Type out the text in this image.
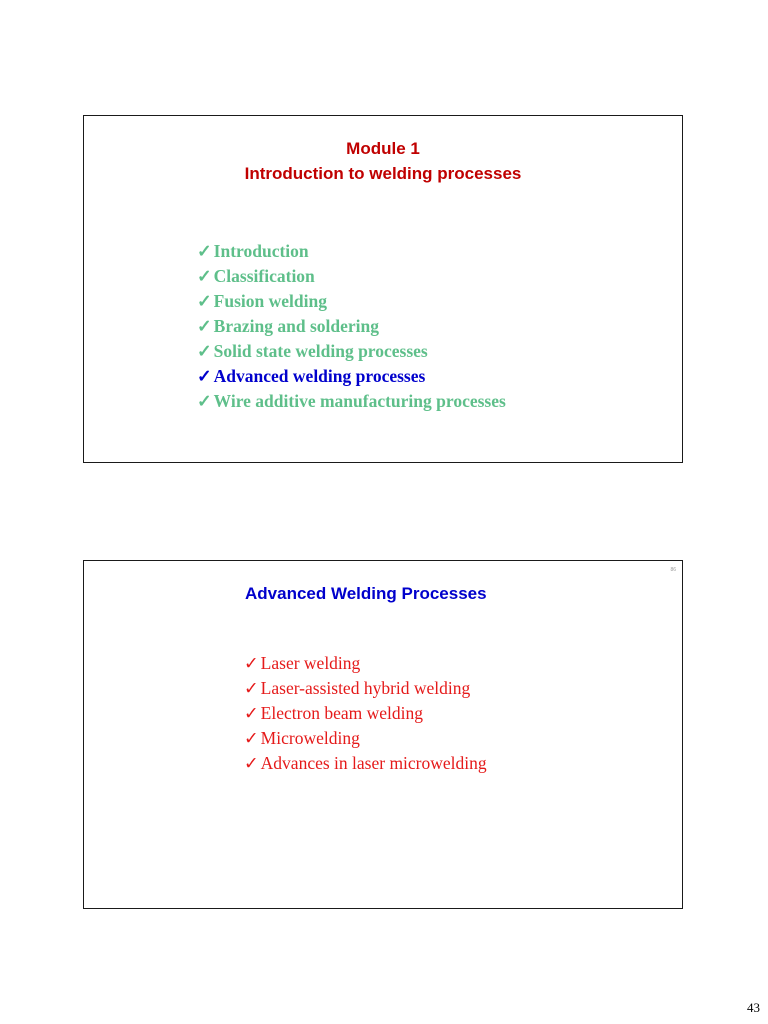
Module 1
Introduction to welding processes
✓ Introduction
✓ Classification
✓ Fusion welding
✓ Brazing and soldering
✓ Solid state welding processes
✓ Advanced welding processes
✓ Wire additive manufacturing processes
86
Advanced Welding Processes
✓ Laser welding
✓ Laser-assisted hybrid welding
✓ Electron beam welding
✓ Microwelding
✓ Advances in laser microwelding
43
